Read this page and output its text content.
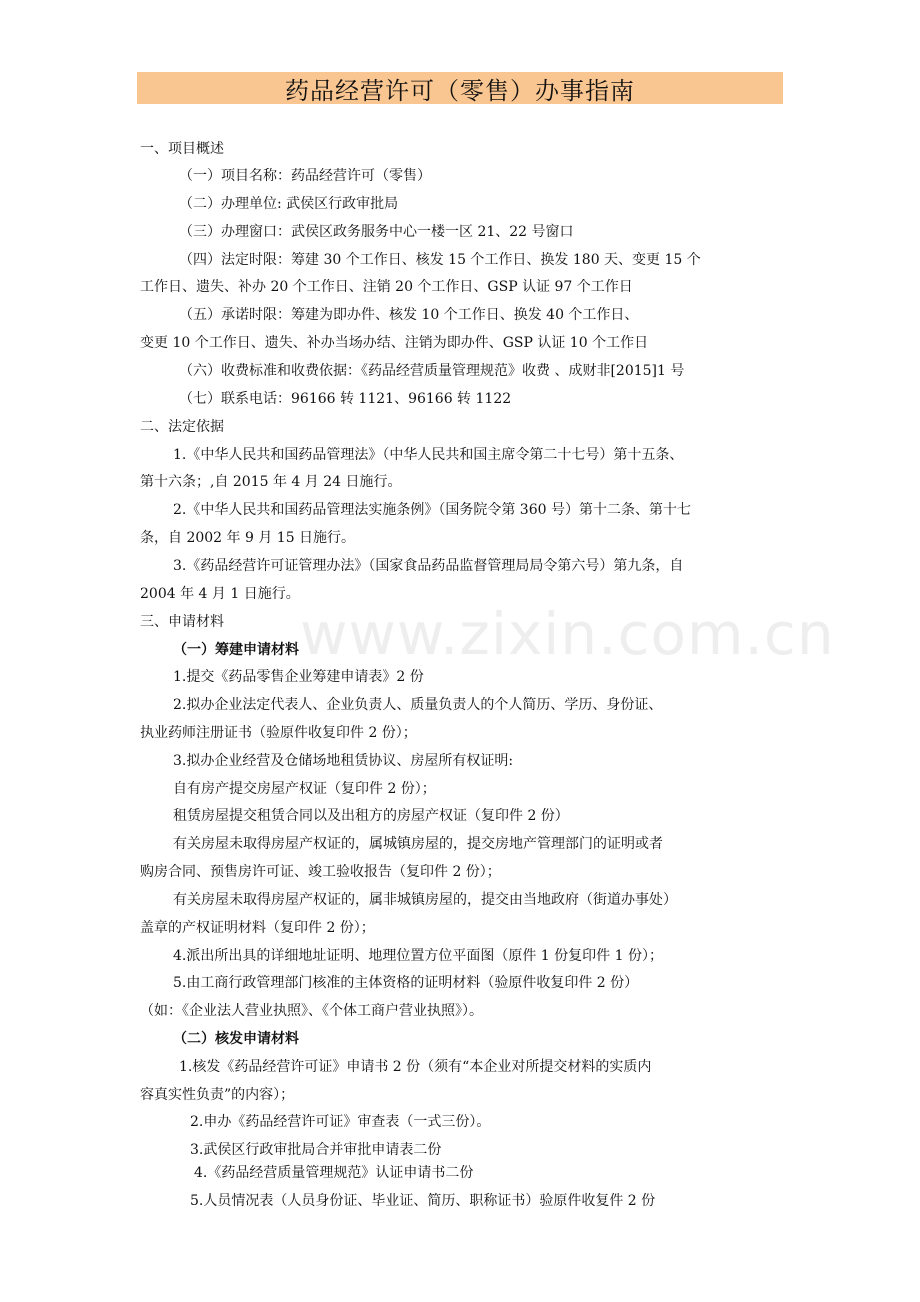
药品经营许可（零售）办事指南
www.zixin.com.cn
一、项目概述
（一）项目名称：药品经营许可（零售）
（二）办理单位: 武侯区行政审批局
（三）办理窗口：武侯区政务服务中心一楼一区 21、22 号窗口
（四）法定时限：筹建 30 个工作日、核发 15 个工作日、换发 180 天、变更 15 个
工作日、遗失、补办 20 个工作日、注销 20 个工作日、GSP 认证 97 个工作日
（五）承诺时限：筹建为即办件、核发 10 个工作日、换发 40 个工作日、
变更 10 个工作日、遗失、补办当场办结、注销为即办件、GSP 认证 10 个工作日
（六）收费标准和收费依据：《药品经营质量管理规范》收费 、成财非[2015]1 号
（七）联系电话：96166 转 1121、96166 转 1122
二、法定依据
1.《中华人民共和国药品管理法》（中华人民共和国主席令第二十七号）第十五条、
第十六条；,自 2015 年 4 月 24 日施行。
2.《中华人民共和国药品管理法实施条例》（国务院令第 360 号）第十二条、第十七
条，自 2002 年 9 月 15 日施行。
3.《药品经营许可证管理办法》（国家食品药品监督管理局局令第六号）第九条，自
2004 年 4 月 1 日施行。
三、申请材料
（一）筹建申请材料
1.提交《药品零售企业筹建申请表》2 份
2.拟办企业法定代表人、企业负责人、质量负责人的个人简历、学历、身份证、
执业药师注册证书（验原件收复印件 2 份）；
3.拟办企业经营及仓储场地租赁协议、房屋所有权证明:
自有房产提交房屋产权证（复印件 2 份）；
租赁房屋提交租赁合同以及出租方的房屋产权证（复印件 2 份）
有关房屋未取得房屋产权证的，属城镇房屋的，提交房地产管理部门的证明或者
购房合同、预售房许可证、竣工验收报告（复印件 2 份）；
有关房屋未取得房屋产权证的，属非城镇房屋的，提交由当地政府（街道办事处）
盖章的产权证明材料（复印件 2 份）；
4.派出所出具的详细地址证明、地理位置方位平面图（原件 1 份复印件 1 份）；
5.由工商行政管理部门核准的主体资格的证明材料（验原件收复印件 2 份）
（如：《企业法人营业执照》、《个体工商户营业执照》）。
（二）核发申请材料
1.核发《药品经营许可证》申请书 2 份（须有“本企业对所提交材料的实质内
容真实性负责”的内容）；
2.申办《药品经营许可证》审查表（一式三份）。
3.武侯区行政审批局合并审批申请表二份
4.《药品经营质量管理规范》认证申请书二份
5.人员情况表（人员身份证、毕业证、简历、职称证书）验原件收复件 2 份
